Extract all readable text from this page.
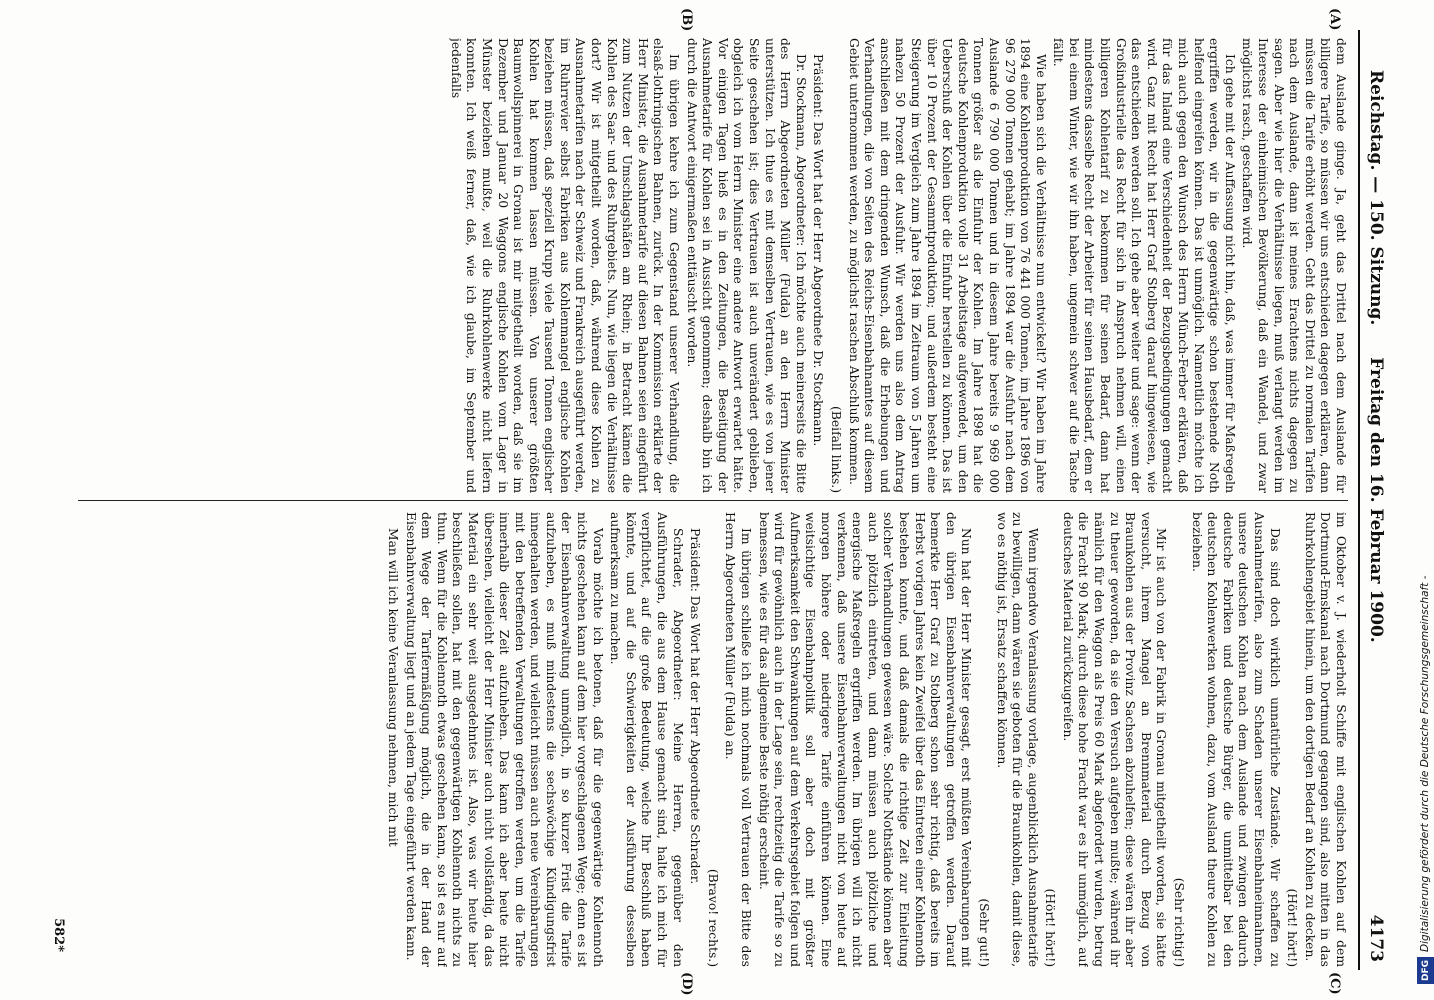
Reichstag. — 150. Sitzung.
Freitag den 16. Februar 1900.
4173
(A)
(B)
(C)
(D)

dem Auslande ginge. Ja, geht das Drittel nach dem Auslande für billigere Tarife, so müssen wir uns entschieden dagegen erklären, dann müssen die Tarife erhöht werden. Geht das Drittel zu normalen Tarifen nach dem Auslande, dann ist meines Erachtens nichts dagegen zu sagen. Aber wie hier die Verhältnisse liegen, muß verlangt werden im Interesse der einheimischen Bevölkerung, daß ein Wandel, und zwar möglichst rasch, geschaffen wird.

Ich gehe mit der Auffassung nicht hin, daß, was immer für Maßregeln ergriffen werden, wir in die gegenwärtige schon bestehende Noth helfend eingreifen können. Das ist unmöglich. Namentlich möchte ich mich auch gegen den Wunsch des Herrn Münch-Ferber erklären, daß für das Inland eine Verschiedenheit der Bezugsbedingungen gemacht wird. Ganz mit Recht hat Herr Graf Stolberg darauf hingewiesen, wie das entschieden werden soll. Ich gehe aber weiter und sage: wenn der Großindustrielle das Recht für sich in Anspruch nehmen will, einen billigeren Kohlentarif zu bekommen für seinen Bedarf, dann hat mindestens dasselbe Recht der Arbeiter für seinen Hausbedarf, dem er bei einem Winter, wie wir ihn haben, ungemein schwer auf die Tasche fällt.

Wie haben sich die Verhältnisse nun entwickelt? Wir haben im Jahre 1894 eine Kohlenproduktion von 76 441 000 Tonnen, im Jahre 1896 von 96 279 000 Tonnen gehabt; im Jahre 1894 war die Ausfuhr nach dem Auslande 6 790 000 Tonnen und in diesem Jahre bereits 9 969 000 Tonnen größer als die Einfuhr der Kohlen. Im Jahre 1898 hat die deutsche Kohlenproduktion volle 31 Arbeitstage aufgewendet, um den Ueberschuß der Kohlen über die Einfuhr herstellen zu können. Das ist über 10 Prozent der Gesammtproduktion; und außerdem besteht eine Steigerung im Vergleich zum Jahre 1894 im Zeitraum von 5 Jahren um nahezu 50 Prozent der Ausfuhr. Wir werden uns also dem Antrag anschließen mit dem dringenden Wunsch, daß die Erhebungen und Verhandlungen, die von Seiten des Reichs-Eisenbahnamtes auf diesem Gebiet unternommen werden, zu möglichst raschen Abschluß kommen.

(Beifall links.)

Präsident: Das Wort hat der Herr Abgeordnete Dr. Stockmann.

Dr. Stockmann, Abgeordneter: Ich möchte auch meinerseits die Bitte des Herrn Abgeordneten Müller (Fulda) an den Herrn Minister unterstützen. Ich thue es mit demselben Vertrauen, wie es von jener Seite geschehen ist; dies Vertrauen ist auch unverändert geblieben, obgleich ich vom Herrn Minister eine andere Antwort erwartet hätte. Vor einigen Tagen hieß es in den Zeitungen, die Beseitigung der Ausnahmetarife für Kohlen sei in Aussicht genommen; deshalb bin ich durch die Antwort einigermaßen enttäuscht worden.

Im übrigen kehre ich zum Gegenstand unserer Verhandlung, die elsaß-lothringischen Bahnen, zurück. In der Kommission erklärte der Herr Minister, die Ausnahmetarife auf diesen Bahnen seien eingeführt zum Nutzen der Umschlagshäfen am Rhein; in Betracht kämen die Kohlen des Saar- und des Ruhrgebiets. Nun, wie liegen die Verhältnisse dort? Wir ist mitgetheilt worden, daß, während diese Kohlen zu Ausnahmetarifen nach der Schweiz und Frankreich ausgeführt werden, im Ruhrrevier selbst Fabriken aus Kohlenmangel englische Kohlen beziehen müssen, daß speziell Krupp viele Tausend Tonnen englischer Kohlen hat kommen lassen müssen. Von unserer größten Baumwollspinnerei in Gronau ist mir mitgetheilt worden, daß sie im Dezember und Januar 20 Waggons englische Kohlen vom Lager in Münster beziehen mußte, weil die Ruhrkohlenwerke nicht liefern konnten. Ich weiß ferner, daß, wie ich glaube, im September und jedenfalls

im Oktober v. J. wiederholt Schiffe mit englischen Kohlen auf dem Dortmund-Emskanal nach Dortmund gegangen sind, also mitten in das Ruhrkohlengebiet hinein, um den dortigen Bedarf an Kohlen zu decken.

(Hört! hört!)

Das sind doch wirklich unnatürliche Zustände. Wir schaffen zu Ausnahmetarifen, also zum Schaden unserer Eisenbahneinnahmen, unsere deutschen Kohlen nach dem Auslande und zwingen dadurch deutsche Fabriken und deutsche Bürger, die unmittelbar bei den deutschen Kohlenwerken wohnen, dazu, vom Ausland theure Kohlen zu beziehen.

(Sehr richtig!)

Mir ist auch von der Fabrik in Gronau mitgetheilt worden, sie hätte versucht, ihrem Mangel an Brennmaterial durch Bezug von Braunkohlen aus der Provinz Sachsen abzuhelfen; diese wären ihr aber zu theuer geworden, da sie den Versuch aufgeben mußte; während ihr nämlich für den Waggon als Preis 60 Mark abgefordert wurden, betrug die Fracht 90 Mark; durch diese hohe Fracht war es ihr unmöglich, auf deutsches Material zurückzugreifen.

(Hört! hört!)

Wenn irgendwo Veranlassung vorlage, augenblicklich Ausnahmetarife zu bewilligen, dann wären sie geboten für die Braunkohlen, damit diese, wo es nöthig ist, Ersatz schaffen können.

(Sehr gut!)

Nun hat der Herr Minister gesagt, erst müßten Vereinbarungen mit den übrigen Eisenbahnverwaltungen getroffen werden. Darauf bemerkte Herr Graf zu Stolberg schon sehr richtig, daß bereits im Herbst vorigen Jahres kein Zweifel über das Eintreten einer Kohlennoth bestehen konnte, und daß damals die richtige Zeit zur Einleitung solcher Verhandlungen gewesen wäre. Solche Nothstände können aber auch plötzlich eintreten, und dann müssen auch plötzliche und energische Maßregeln ergriffen werden. Im übrigen will ich nicht verkennen, daß unsere Eisenbahnverwaltungen nicht von heute auf morgen höhere oder niedrigere Tarife einführen können. Eine weitsichtige Eisenbahnpolitik soll aber doch mit größter Aufmerksamkeit den Schwankungen auf dem Verkehrsgebiet folgen und wird für gewöhnlich auch in der Lage sein, rechtzeitig die Tarife so zu bemessen, wie es für das allgemeine Beste nöthig erscheint.

Im übrigen schließe ich mich nochmals voll Vertrauen der Bitte des Herrn Abgeordneten Müller (Fulda) an.

(Bravo! rechts.)

Präsident: Das Wort hat der Herr Abgeordnete Schrader.

Schrader, Abgeordneter: Meine Herren, gegenüber den Ausführungen, die aus dem Hause gemacht sind, halte ich mich für verpflichtet, auf die große Bedeutung, welche Ihr Beschluß haben könnte, und auf die Schwierigkeiten der Ausführung desselben aufmerksam zu machen.

Vorab möchte ich betonen, daß für die gegenwärtige Kohlennoth nichts geschehen kann auf dem hier vorgeschlagenen Wege; denn es ist der Eisenbahnverwaltung unmöglich, in so kurzer Frist die Tarife aufzuheben, es muß mindestens die sechswöchige Kündigungsfrist innegehalten werden, und vielleicht müssen auch neue Vereinbarungen mit den betreffenden Verwaltungen getroffen werden, um die Tarife innerhalb dieser Zeit aufzuheben. Das kann ich aber heute nicht übersehen, vielleicht der Herr Minister auch nicht vollständig, da das Material ein sehr weit ausgedehntes ist. Also, was wir heute hier beschließen sollen, hat mit den gegenwärtigen Kohlennoth nichts zu thun. Wenn für die Kohlennoth etwas geschehen kann, so ist es nur auf dem Wege der Tarifermäßigung möglich, die in der Hand der Eisenbahnverwaltung liegt und an jedem Tage eingeführt werden kann.

Man will ich keine Veranlassung nehmen, mich mit

582*
DFGDigitalisierung gefördert durch die Deutsche Forschungsgemeinschaft -
